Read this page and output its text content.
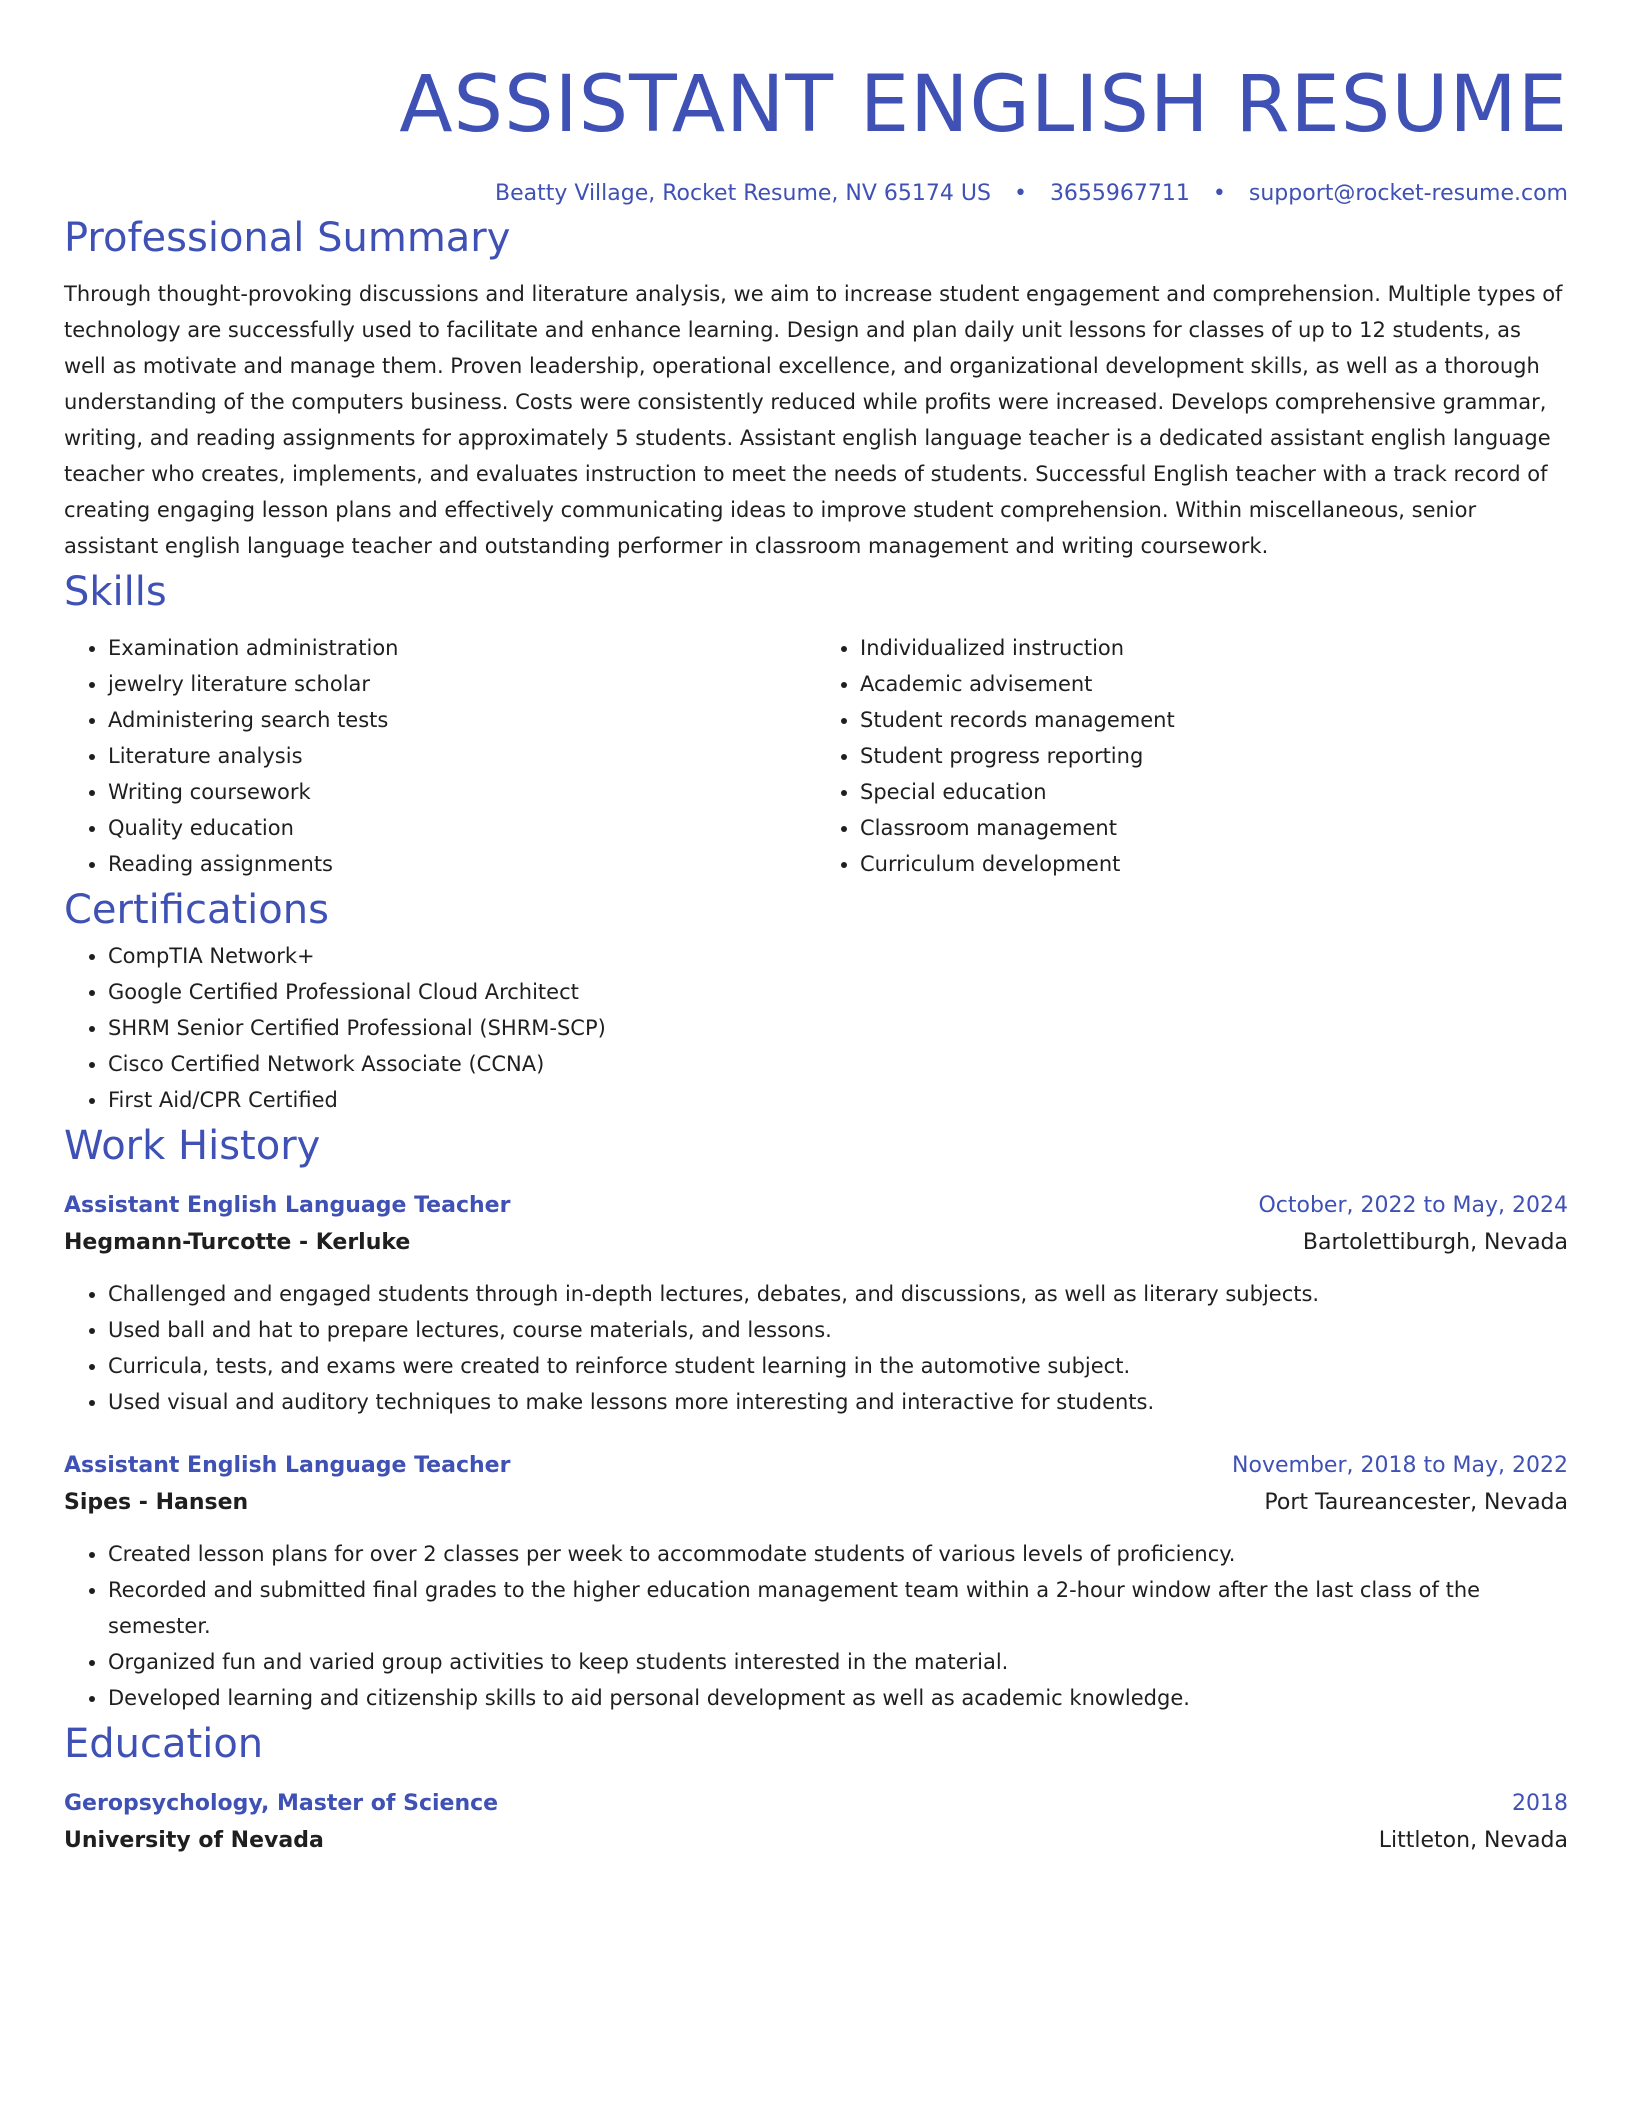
ASSISTANT ENGLISH RESUME
Beatty Village, Rocket Resume, NV 65174 US • 3655967711 • support@rocket-resume.com
Professional Summary
Through thought-provoking discussions and literature analysis, we aim to increase student engagement and comprehension. Multiple types of technology are successfully used to facilitate and enhance learning. Design and plan daily unit lessons for classes of up to 12 students, as well as motivate and manage them. Proven leadership, operational excellence, and organizational development skills, as well as a thorough understanding of the computers business. Costs were consistently reduced while profits were increased. Develops comprehensive grammar, writing, and reading assignments for approximately 5 students. Assistant english language teacher is a dedicated assistant english language teacher who creates, implements, and evaluates instruction to meet the needs of students. Successful English teacher with a track record of creating engaging lesson plans and effectively communicating ideas to improve student comprehension. Within miscellaneous, senior assistant english language teacher and outstanding performer in classroom management and writing coursework.
Skills
• Examination administration
• jewelry literature scholar
• Administering search tests
• Literature analysis
• Writing coursework
• Quality education
• Reading assignments
• Individualized instruction
• Academic advisement
• Student records management
• Student progress reporting
• Special education
• Classroom management
• Curriculum development
Certifications
• CompTIA Network+
• Google Certified Professional Cloud Architect
• SHRM Senior Certified Professional (SHRM-SCP)
• Cisco Certified Network Associate (CCNA)
• First Aid/CPR Certified
Work History
Assistant English Language Teacher	October, 2022 to May, 2024
Hegmann-Turcotte - Kerluke	Bartolettiburgh, Nevada
• Challenged and engaged students through in-depth lectures, debates, and discussions, as well as literary subjects.
• Used ball and hat to prepare lectures, course materials, and lessons.
• Curricula, tests, and exams were created to reinforce student learning in the automotive subject.
• Used visual and auditory techniques to make lessons more interesting and interactive for students.
Assistant English Language Teacher	November, 2018 to May, 2022
Sipes - Hansen	Port Taureancester, Nevada
• Created lesson plans for over 2 classes per week to accommodate students of various levels of proficiency.
• Recorded and submitted final grades to the higher education management team within a 2-hour window after the last class of the semester.
• Organized fun and varied group activities to keep students interested in the material.
• Developed learning and citizenship skills to aid personal development as well as academic knowledge.
Education
Geropsychology, Master of Science	2018
University of Nevada	Littleton, Nevada
